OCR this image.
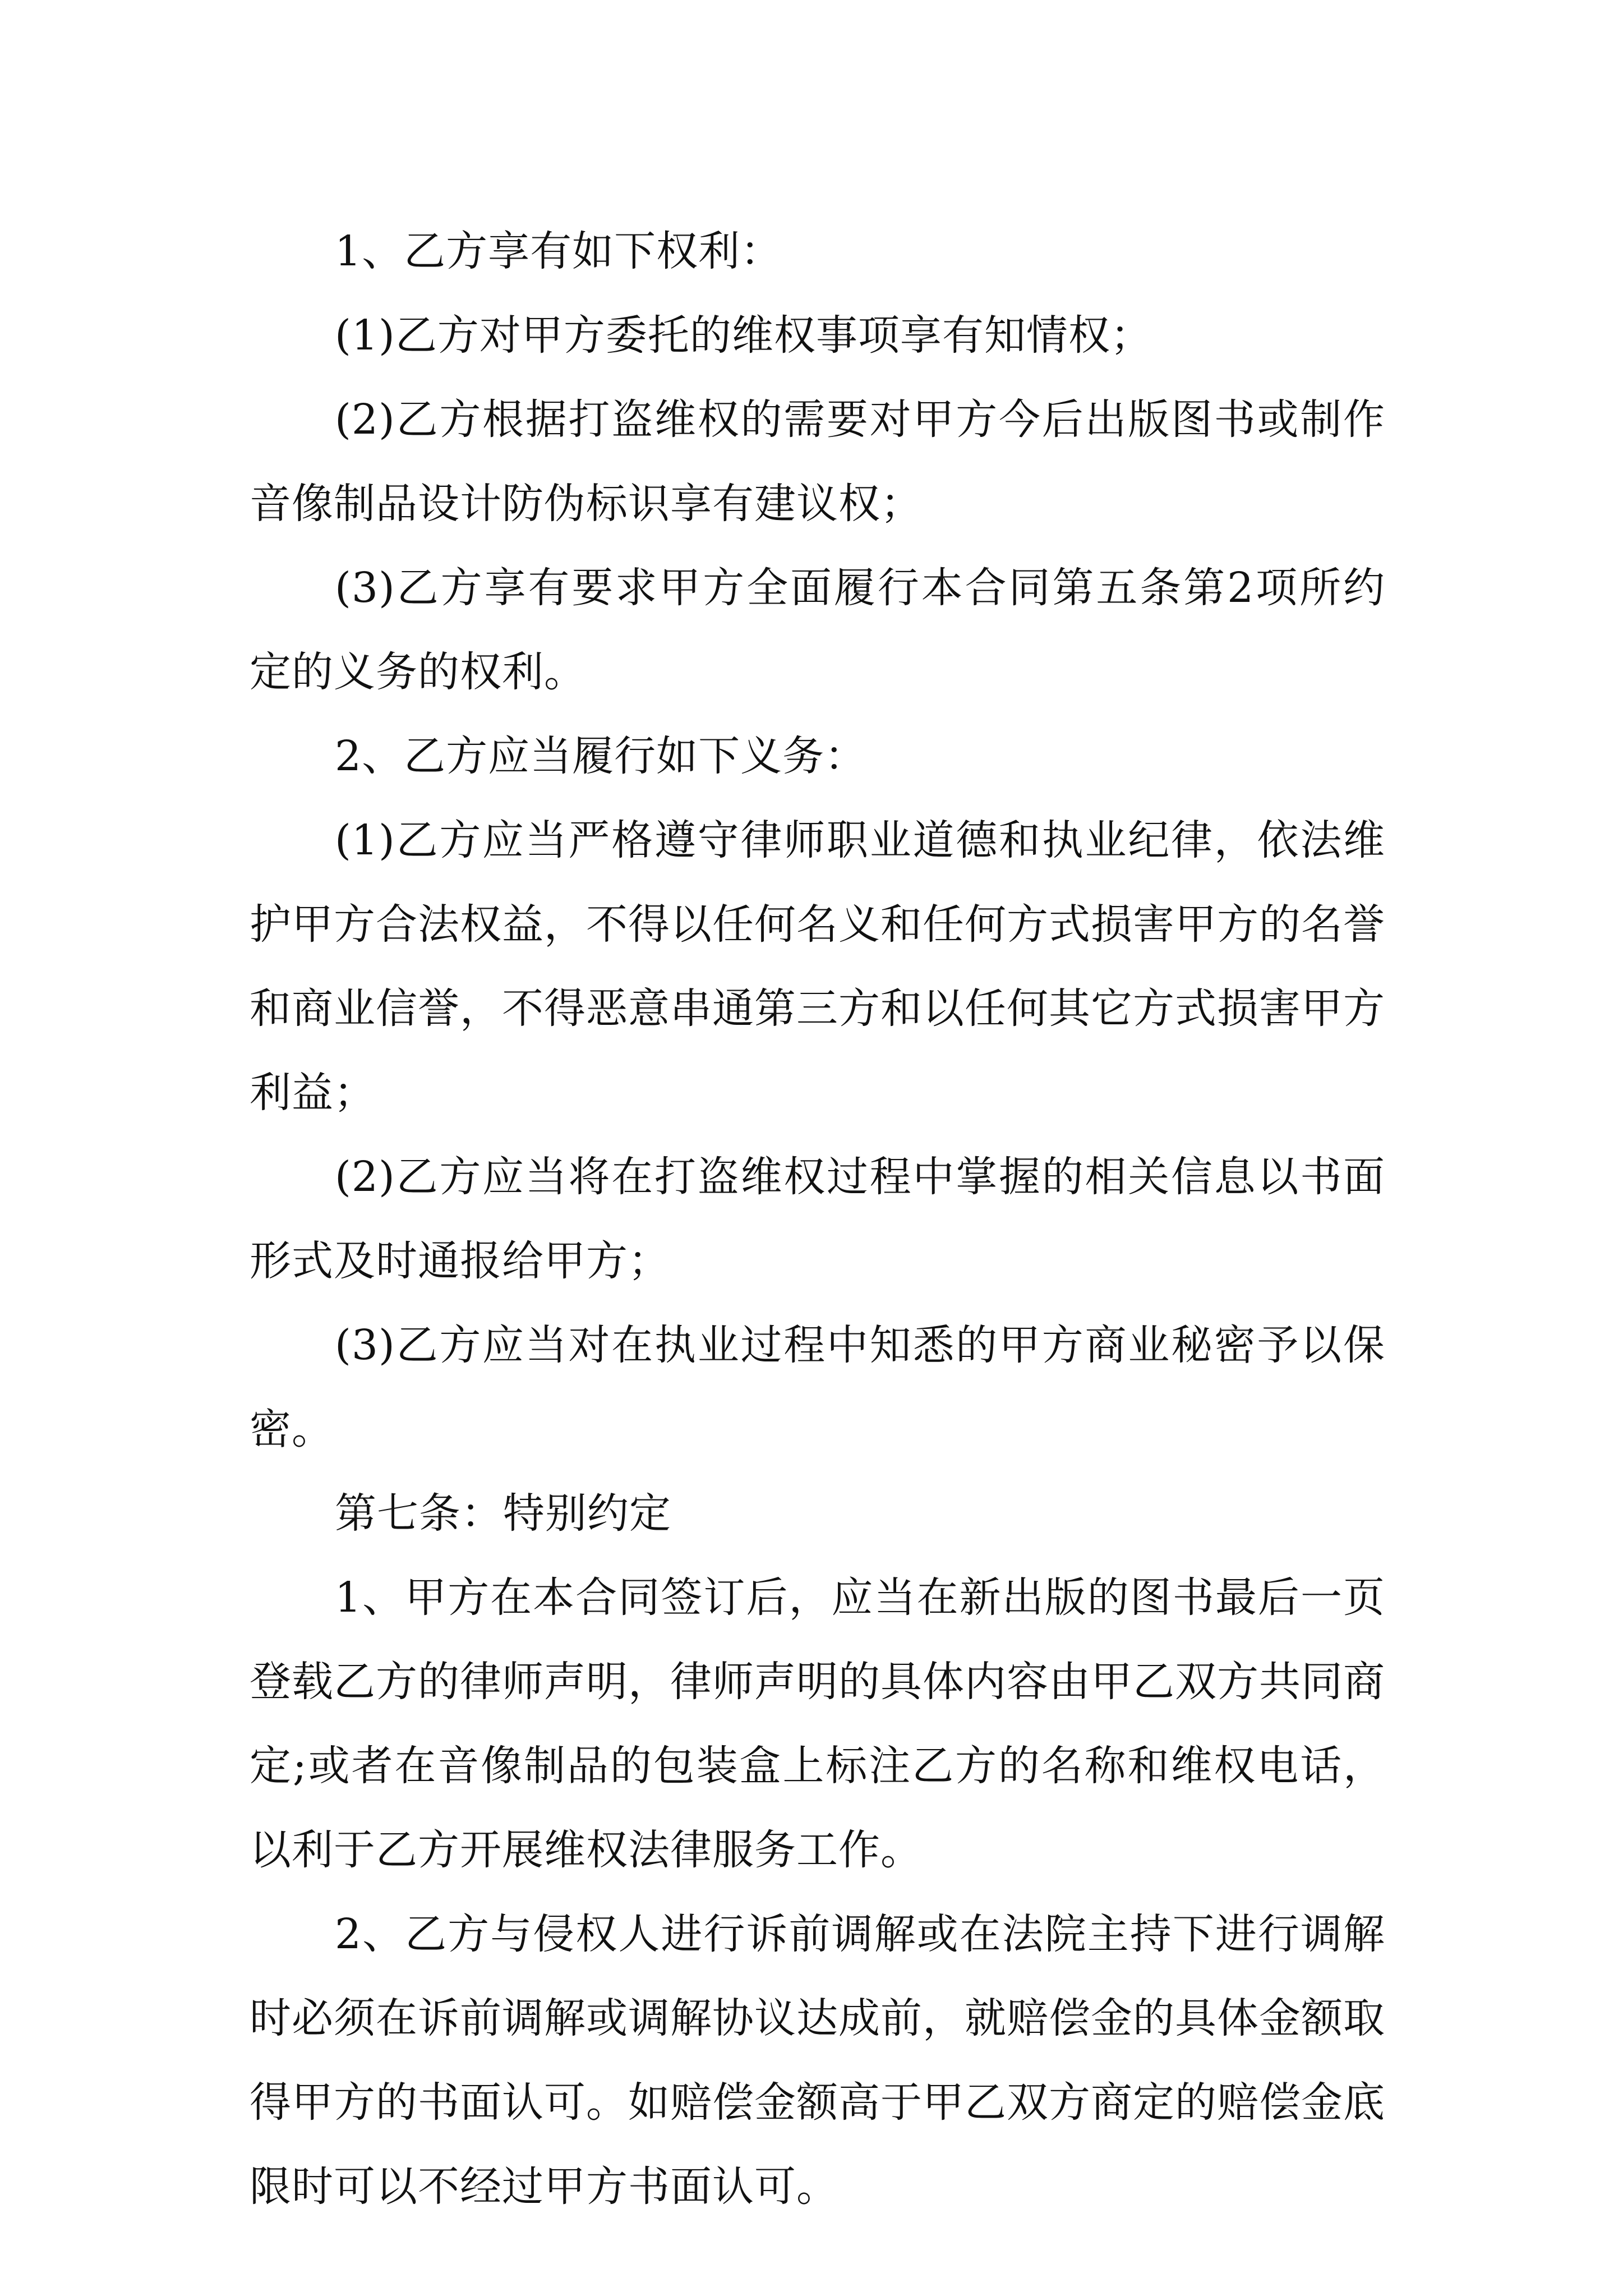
1、乙方享有如下权利：

(1)乙方对甲方委托的维权事项享有知情权；

(2)乙方根据打盗维权的需要对甲方今后出版图书或制作音像制品设计防伪标识享有建议权；

(3)乙方享有要求甲方全面履行本合同第五条第2项所约定的义务的权利。

2、乙方应当履行如下义务：

(1)乙方应当严格遵守律师职业道德和执业纪律，依法维护甲方合法权益，不得以任何名义和任何方式损害甲方的名誉和商业信誉，不得恶意串通第三方和以任何其它方式损害甲方利益；

(2)乙方应当将在打盗维权过程中掌握的相关信息以书面形式及时通报给甲方；

(3)乙方应当对在执业过程中知悉的甲方商业秘密予以保密。

第七条：特别约定

1、甲方在本合同签订后，应当在新出版的图书最后一页登载乙方的律师声明，律师声明的具体内容由甲乙双方共同商定;或者在音像制品的包装盒上标注乙方的名称和维权电话，以利于乙方开展维权法律服务工作。

2、乙方与侵权人进行诉前调解或在法院主持下进行调解时必须在诉前调解或调解协议达成前，就赔偿金的具体金额取得甲方的书面认可。如赔偿金额高于甲乙双方商定的赔偿金底限时可以不经过甲方书面认可。
